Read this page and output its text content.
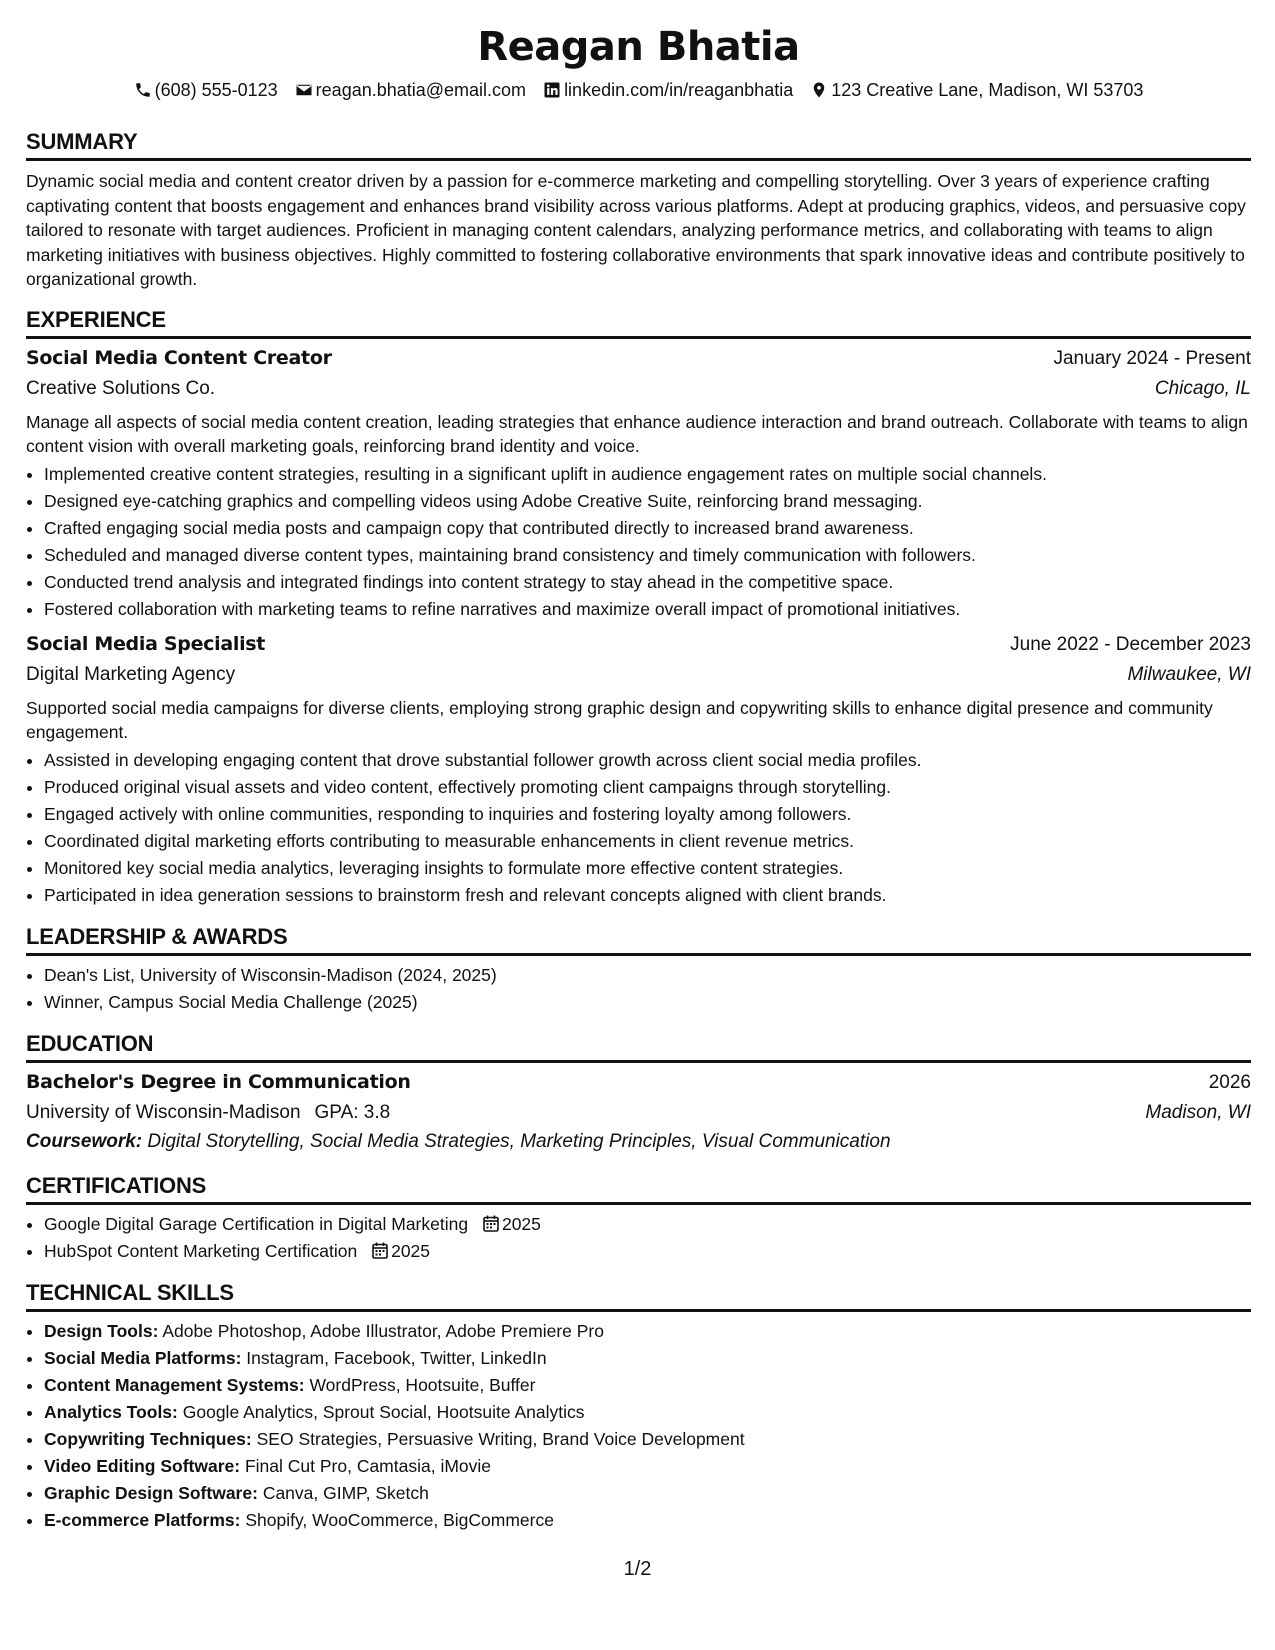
Reagan Bhatia
(608) 555-0123 reagan.bhatia@email.com linkedin.com/in/reaganbhatia 123 Creative Lane, Madison, WI 53703
SUMMARY
Dynamic social media and content creator driven by a passion for e-commerce marketing and compelling storytelling. Over 3 years of experience crafting captivating content that boosts engagement and enhances brand visibility across various platforms. Adept at producing graphics, videos, and persuasive copy tailored to resonate with target audiences. Proficient in managing content calendars, analyzing performance metrics, and collaborating with teams to align marketing initiatives with business objectives. Highly committed to fostering collaborative environments that spark innovative ideas and contribute positively to organizational growth.
EXPERIENCE
Social Media Content Creator	January 2024 - Present
Creative Solutions Co.	Chicago, IL
Manage all aspects of social media content creation, leading strategies that enhance audience interaction and brand outreach. Collaborate with teams to align content vision with overall marketing goals, reinforcing brand identity and voice.
• Implemented creative content strategies, resulting in a significant uplift in audience engagement rates on multiple social channels.
• Designed eye-catching graphics and compelling videos using Adobe Creative Suite, reinforcing brand messaging.
• Crafted engaging social media posts and campaign copy that contributed directly to increased brand awareness.
• Scheduled and managed diverse content types, maintaining brand consistency and timely communication with followers.
• Conducted trend analysis and integrated findings into content strategy to stay ahead in the competitive space.
• Fostered collaboration with marketing teams to refine narratives and maximize overall impact of promotional initiatives.
Social Media Specialist	June 2022 - December 2023
Digital Marketing Agency	Milwaukee, WI
Supported social media campaigns for diverse clients, employing strong graphic design and copywriting skills to enhance digital presence and community engagement.
• Assisted in developing engaging content that drove substantial follower growth across client social media profiles.
• Produced original visual assets and video content, effectively promoting client campaigns through storytelling.
• Engaged actively with online communities, responding to inquiries and fostering loyalty among followers.
• Coordinated digital marketing efforts contributing to measurable enhancements in client revenue metrics.
• Monitored key social media analytics, leveraging insights to formulate more effective content strategies.
• Participated in idea generation sessions to brainstorm fresh and relevant concepts aligned with client brands.
LEADERSHIP & AWARDS
• Dean's List, University of Wisconsin-Madison (2024, 2025)
• Winner, Campus Social Media Challenge (2025)
EDUCATION
Bachelor's Degree in Communication	2026
University of Wisconsin-Madison GPA: 3.8	Madison, WI
Coursework: Digital Storytelling, Social Media Strategies, Marketing Principles, Visual Communication
CERTIFICATIONS
• Google Digital Garage Certification in Digital Marketing 2025
• HubSpot Content Marketing Certification 2025
TECHNICAL SKILLS
• Design Tools: Adobe Photoshop, Adobe Illustrator, Adobe Premiere Pro
• Social Media Platforms: Instagram, Facebook, Twitter, LinkedIn
• Content Management Systems: WordPress, Hootsuite, Buffer
• Analytics Tools: Google Analytics, Sprout Social, Hootsuite Analytics
• Copywriting Techniques: SEO Strategies, Persuasive Writing, Brand Voice Development
• Video Editing Software: Final Cut Pro, Camtasia, iMovie
• Graphic Design Software: Canva, GIMP, Sketch
• E-commerce Platforms: Shopify, WooCommerce, BigCommerce
1/2
